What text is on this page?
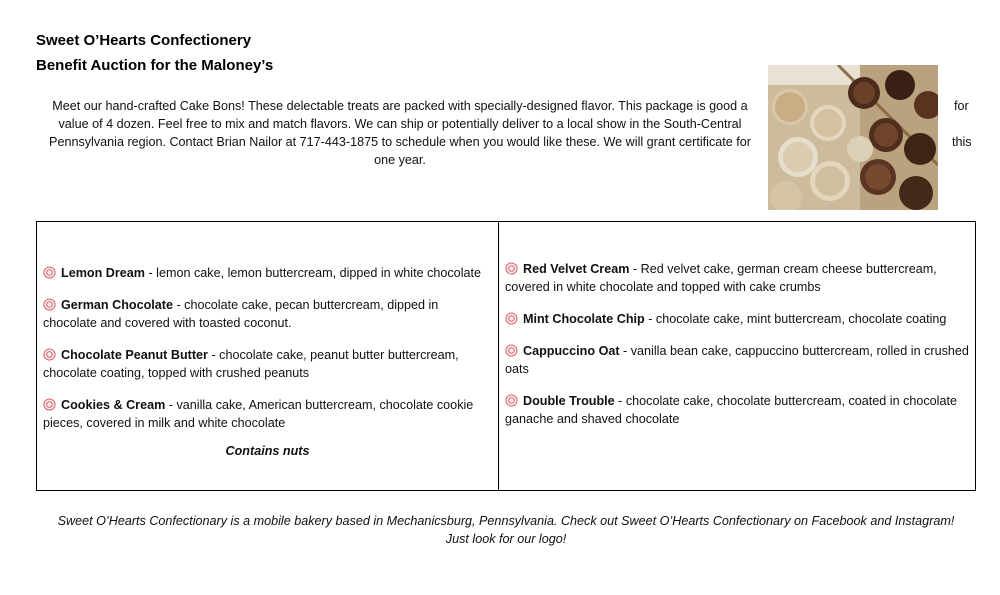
Sweet O’Hearts Confectionery
Benefit Auction for the Maloney’s

Meet our hand-crafted Cake Bons! These delectable treats are packed with specially-designed flavor. This package is good a value of 4 dozen. Feel free to mix and match flavors. We can ship or potentially deliver to a local show in the South-Central Pennsylvania region. Contact Brian Nailor at 717-443-1875 to schedule when you would like these. We will grant certificate for one year.

for
this
Lemon Dream - lemon cake, lemon buttercream, dipped in white chocolate
German Chocolate - chocolate cake, pecan buttercream, dipped in chocolate and covered with toasted coconut.
Chocolate Peanut Butter - chocolate cake, peanut butter buttercream, chocolate coating, topped with crushed peanuts
Cookies & Cream - vanilla cake, American buttercream, chocolate cookie pieces, covered in milk and white chocolate
Contains nuts
Red Velvet Cream - Red velvet cake, german cream cheese buttercream, covered in white chocolate and topped with cake crumbs
Mint Chocolate Chip - chocolate cake, mint buttercream, chocolate coating
Cappuccino Oat - vanilla bean cake, cappuccino buttercream, rolled in crushed oats
Double Trouble - chocolate cake, chocolate buttercream, coated in chocolate ganache and shaved chocolate
Sweet O’Hearts Confectionary is a mobile bakery based in Mechanicsburg, Pennsylvania. Check out Sweet O’Hearts Confectionary on Facebook and Instagram!
Just look for our logo!
